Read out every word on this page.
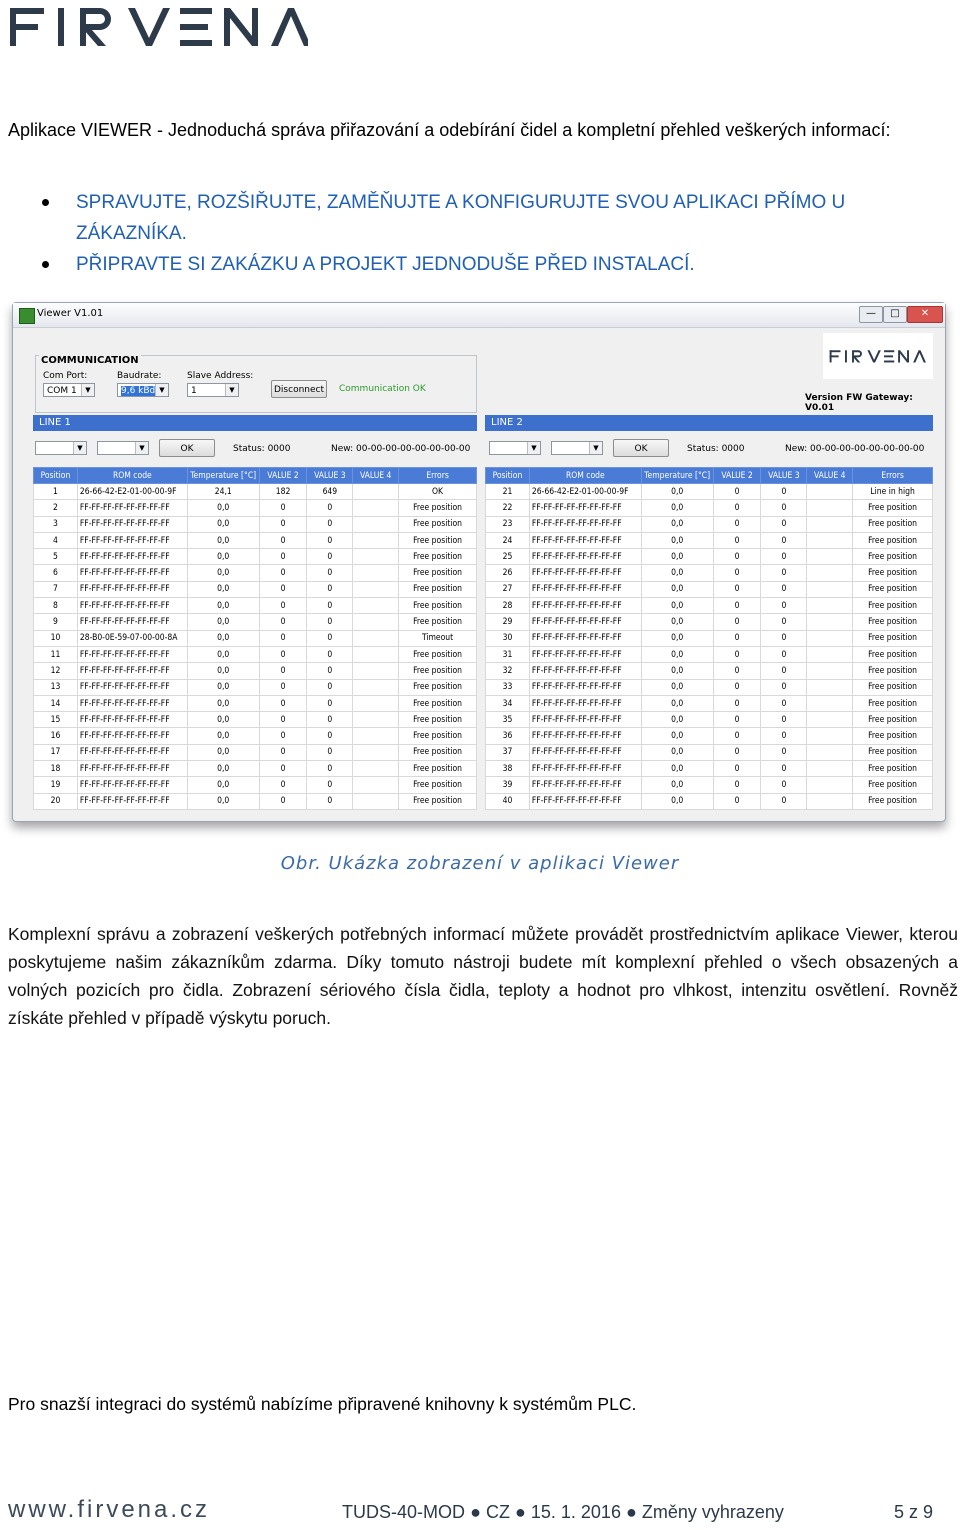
Aplikace VIEWER - Jednoduchá správa přiřazování a odebírání čidel a kompletní přehled veškerých informací:
SPRAVUJTE, ROZŠIŘUJTE, ZAMĚŇUJTE A KONFIGURUJTE SVOU APLIKACI PŘÍMO U ZÁKAZNÍKA.
PŘIPRAVTE SI ZAKÁZKU A PROJEKT JEDNODUŠE PŘED INSTALACÍ.
Viewer V1.01	—	□	✕
COMMUNICATION
Com Port:
COM 1	▼
Baudrate:
9,6 kBd ▼
Slave Address:
1	▼	Disconnect	Communication OK
Version FW Gateway: V0.01
LINE 1
▼	▼	OK	Status: 0000	New: 00-00-00-00-00-00-00-00
LINE 2
▼	▼	OK	Status: 0000	New: 00-00-00-00-00-00-00-00
Position	ROM code	Temperature [°C]	VALUE 2	VALUE 3	VALUE 4	Errors
1	26-66-42-E2-01-00-00-9F	24,1	182	649		OK
2	FF-FF-FF-FF-FF-FF-FF-FF	0,0	0	0		Free position
3	FF-FF-FF-FF-FF-FF-FF-FF	0,0	0	0		Free position
4	FF-FF-FF-FF-FF-FF-FF-FF	0,0	0	0		Free position
5	FF-FF-FF-FF-FF-FF-FF-FF	0,0	0	0		Free position
6	FF-FF-FF-FF-FF-FF-FF-FF	0,0	0	0		Free position
7	FF-FF-FF-FF-FF-FF-FF-FF	0,0	0	0		Free position
8	FF-FF-FF-FF-FF-FF-FF-FF	0,0	0	0		Free position
9	FF-FF-FF-FF-FF-FF-FF-FF	0,0	0	0		Free position
10	28-B0-0E-59-07-00-00-8A	0,0	0	0		Timeout
11	FF-FF-FF-FF-FF-FF-FF-FF	0,0	0	0		Free position
12	FF-FF-FF-FF-FF-FF-FF-FF	0,0	0	0		Free position
13	FF-FF-FF-FF-FF-FF-FF-FF	0,0	0	0		Free position
14	FF-FF-FF-FF-FF-FF-FF-FF	0,0	0	0		Free position
15	FF-FF-FF-FF-FF-FF-FF-FF	0,0	0	0		Free position
16	FF-FF-FF-FF-FF-FF-FF-FF	0,0	0	0		Free position
17	FF-FF-FF-FF-FF-FF-FF-FF	0,0	0	0		Free position
18	FF-FF-FF-FF-FF-FF-FF-FF	0,0	0	0		Free position
19	FF-FF-FF-FF-FF-FF-FF-FF	0,0	0	0		Free position
20	FF-FF-FF-FF-FF-FF-FF-FF	0,0	0	0		Free position
Position	ROM code	Temperature [°C]	VALUE 2	VALUE 3	VALUE 4	Errors
21	26-66-42-E2-01-00-00-9F	0,0	0	0		Line in high
22	FF-FF-FF-FF-FF-FF-FF-FF	0,0	0	0		Free position
23	FF-FF-FF-FF-FF-FF-FF-FF	0,0	0	0		Free position
24	FF-FF-FF-FF-FF-FF-FF-FF	0,0	0	0		Free position
25	FF-FF-FF-FF-FF-FF-FF-FF	0,0	0	0		Free position
26	FF-FF-FF-FF-FF-FF-FF-FF	0,0	0	0		Free position
27	FF-FF-FF-FF-FF-FF-FF-FF	0,0	0	0		Free position
28	FF-FF-FF-FF-FF-FF-FF-FF	0,0	0	0		Free position
29	FF-FF-FF-FF-FF-FF-FF-FF	0,0	0	0		Free position
30	FF-FF-FF-FF-FF-FF-FF-FF	0,0	0	0		Free position
31	FF-FF-FF-FF-FF-FF-FF-FF	0,0	0	0		Free position
32	FF-FF-FF-FF-FF-FF-FF-FF	0,0	0	0		Free position
33	FF-FF-FF-FF-FF-FF-FF-FF	0,0	0	0		Free position
34	FF-FF-FF-FF-FF-FF-FF-FF	0,0	0	0		Free position
35	FF-FF-FF-FF-FF-FF-FF-FF	0,0	0	0		Free position
36	FF-FF-FF-FF-FF-FF-FF-FF	0,0	0	0		Free position
37	FF-FF-FF-FF-FF-FF-FF-FF	0,0	0	0		Free position
38	FF-FF-FF-FF-FF-FF-FF-FF	0,0	0	0		Free position
39	FF-FF-FF-FF-FF-FF-FF-FF	0,0	0	0		Free position
40	FF-FF-FF-FF-FF-FF-FF-FF	0,0	0	0		Free position
Obr. Ukázka zobrazení v aplikaci Viewer
Komplexní správu a zobrazení veškerých potřebných informací můžete provádět prostřednictvím aplikace Viewer, kterou poskytujeme našim zákazníkům zdarma. Díky tomuto nástroji budete mít komplexní přehled o všech obsazených a volných pozicích pro čidla. Zobrazení sériového čísla čidla, teploty a hodnot pro vlhkost, intenzitu osvětlení. Rovněž získáte přehled v případě výskytu poruch.
Pro snazší integraci do systémů nabízíme připravené knihovny k systémům PLC.
www.firvena.cz	TUDS-40-MOD ● CZ ● 15. 1. 2016 ● Změny vyhrazeny	5 z 9
